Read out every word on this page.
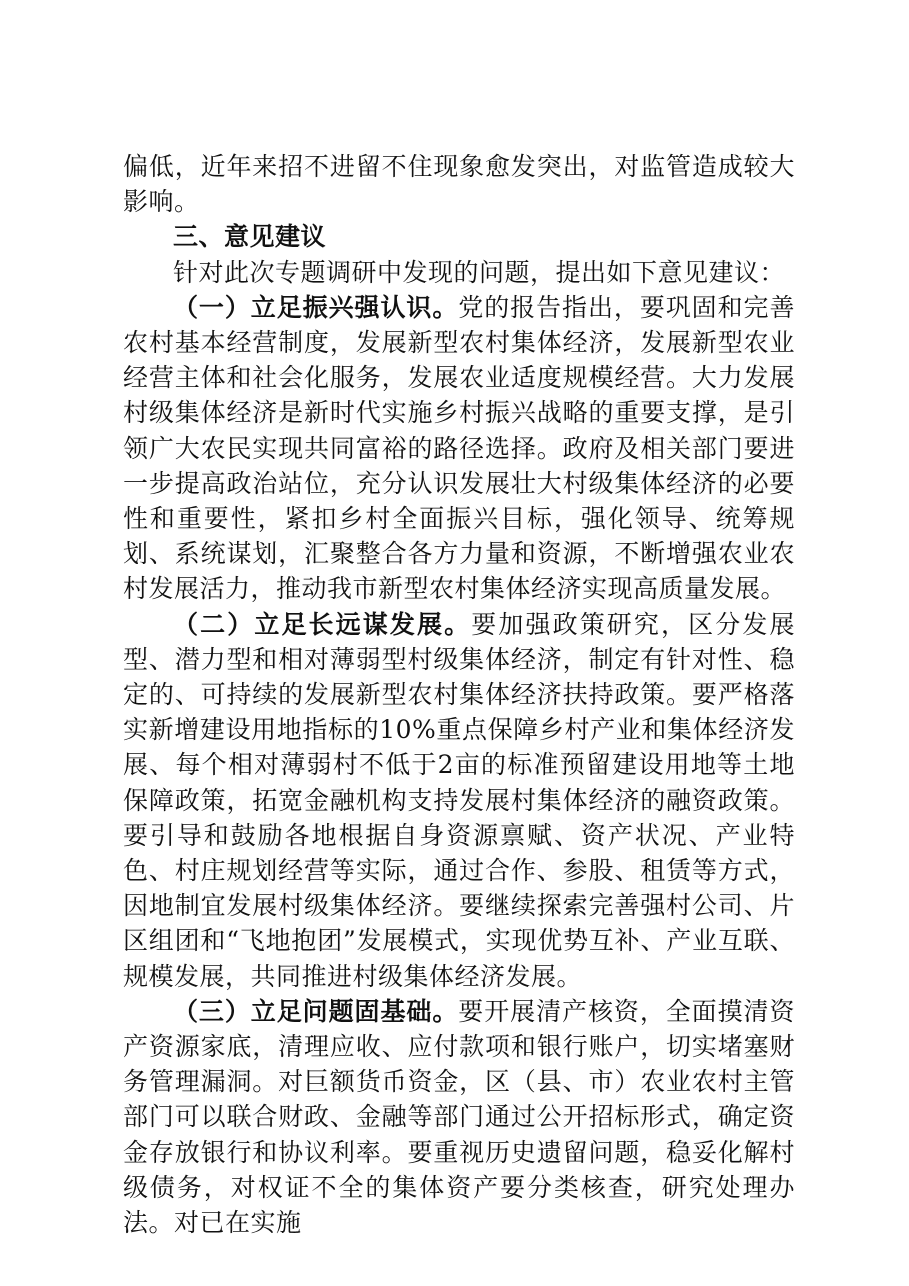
偏低，近年来招不进留不住现象愈发突出，对监管造成较大影响。

三、意见建议

针对此次专题调研中发现的问题，提出如下意见建议：

（一）立足振兴强认识。党的报告指出，要巩固和完善农村基本经营制度，发展新型农村集体经济，发展新型农业经营主体和社会化服务，发展农业适度规模经营。大力发展村级集体经济是新时代实施乡村振兴战略的重要支撑，是引领广大农民实现共同富裕的路径选择。政府及相关部门要进一步提高政治站位，充分认识发展壮大村级集体经济的必要性和重要性，紧扣乡村全面振兴目标，强化领导、统筹规划、系统谋划，汇聚整合各方力量和资源，不断增强农业农村发展活力，推动我市新型农村集体经济实现高质量发展。

（二）立足长远谋发展。要加强政策研究，区分发展型、潜力型和相对薄弱型村级集体经济，制定有针对性、稳定的、可持续的发展新型农村集体经济扶持政策。要严格落实新增建设用地指标的10%重点保障乡村产业和集体经济发展、每个相对薄弱村不低于2亩的标准预留建设用地等土地保障政策，拓宽金融机构支持发展村集体经济的融资政策。要引导和鼓励各地根据自身资源禀赋、资产状况、产业特色、村庄规划经营等实际，通过合作、参股、租赁等方式，因地制宜发展村级集体经济。要继续探索完善强村公司、片区组团和“飞地抱团”发展模式，实现优势互补、产业互联、规模发展，共同推进村级集体经济发展。

（三）立足问题固基础。要开展清产核资，全面摸清资产资源家底，清理应收、应付款项和银行账户，切实堵塞财务管理漏洞。对巨额货币资金，区（县、市）农业农村主管部门可以联合财政、金融等部门通过公开招标形式，确定资金存放银行和协议利率。要重视历史遗留问题，稳妥化解村级债务，对权证不全的集体资产要分类核查，研究处理办法。对已在实施
